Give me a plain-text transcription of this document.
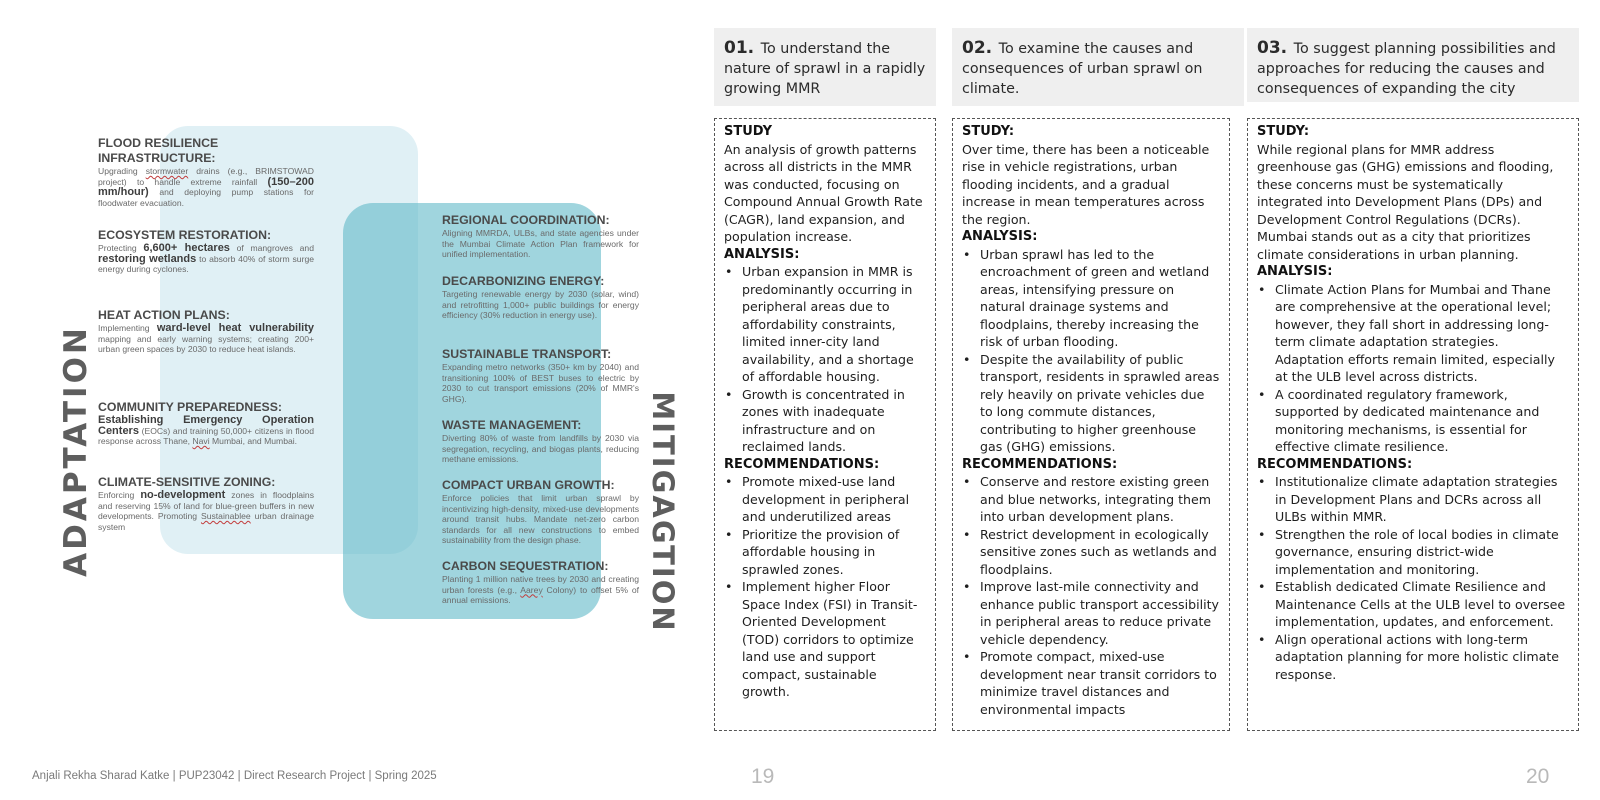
ADAPTATION	MITIGAGTION
FLOOD RESILIENCE INFRASTRUCTURE:
Upgrading stormwater drains (e.g., BRIMSTOWAD project) to handle extreme rainfall (150–200 mm/hour) and deploying pump stations for floodwater evacuation.
ECOSYSTEM RESTORATION:
Protecting 6,600+ hectares of mangroves and restoring wetlands to absorb 40% of storm surge energy during cyclones.
HEAT ACTION PLANS:
Implementing ward-level heat vulnerability mapping and early warning systems; creating 200+ urban green spaces by 2030 to reduce heat islands.
COMMUNITY PREPAREDNESS:
Establishing Emergency Operation Centers (EOCs) and training 50,000+ citizens in flood response across Thane, Navi Mumbai, and Mumbai.
CLIMATE-SENSITIVE ZONING:
Enforcing no-development zones in floodplains and reserving 15% of land for blue-green buffers in new developments. Promoting Sustainablee urban drainage system
REGIONAL COORDINATION:
Aligning MMRDA, ULBs, and state agencies under the Mumbai Climate Action Plan framework for unified implementation.
DECARBONIZING ENERGY:
Targeting renewable energy by 2030 (solar, wind) and retrofitting 1,000+ public buildings for energy efficiency (30% reduction in energy use).
SUSTAINABLE TRANSPORT:
Expanding metro networks (350+ km by 2040) and transitioning 100% of BEST buses to electric by 2030 to cut transport emissions (20% of MMR's GHG).
WASTE MANAGEMENT:
Diverting 80% of waste from landfills by 2030 via segregation, recycling, and biogas plants, reducing methane emissions.
COMPACT URBAN GROWTH:
Enforce policies that limit urban sprawl by incentivizing high-density, mixed-use developments around transit hubs. Mandate net-zero carbon standards for all new constructions to embed sustainability from the design phase.
CARBON SEQUESTRATION:
Planting 1 million native trees by 2030 and creating urban forests (e.g., Aarey Colony) to offset 5% of annual emissions.
01. To understand the nature of sprawl in a rapidly growing MMR
02. To examine the causes and consequences of urban sprawl on climate.
03. To suggest planning possibilities and approaches for reducing the causes and consequences of expanding the city
STUDY
An analysis of growth patterns across all districts in the MMR was conducted, focusing on Compound Annual Growth Rate (CAGR), land expansion, and population increase.
ANALYSIS:
• Urban expansion in MMR is predominantly occurring in peripheral areas due to affordability constraints, limited inner-city land availability, and a shortage of affordable housing.
• Growth is concentrated in zones with inadequate infrastructure and on reclaimed lands.
RECOMMENDATIONS:
• Promote mixed-use land development in peripheral and underutilized areas
• Prioritize the provision of affordable housing in sprawled zones.
• Implement higher Floor Space Index (FSI) in Transit-Oriented Development (TOD) corridors to optimize land use and support compact, sustainable growth.
STUDY:
Over time, there has been a noticeable rise in vehicle registrations, urban flooding incidents, and a gradual increase in mean temperatures across the region.
ANALYSIS:
• Urban sprawl has led to the encroachment of green and wetland areas, intensifying pressure on natural drainage systems and floodplains, thereby increasing the risk of urban flooding.
• Despite the availability of public transport, residents in sprawled areas rely heavily on private vehicles due to long commute distances, contributing to higher greenhouse gas (GHG) emissions.
RECOMMENDATIONS:
• Conserve and restore existing green and blue networks, integrating them into urban development plans.
• Restrict development in ecologically sensitive zones such as wetlands and floodplains.
• Improve last-mile connectivity and enhance public transport accessibility in peripheral areas to reduce private vehicle dependency.
• Promote compact, mixed-use development near transit corridors to minimize travel distances and environmental impacts
STUDY:
While regional plans for MMR address greenhouse gas (GHG) emissions and flooding, these concerns must be systematically integrated into Development Plans (DPs) and Development Control Regulations (DCRs). Mumbai stands out as a city that prioritizes climate considerations in urban planning.
ANALYSIS:
• Climate Action Plans for Mumbai and Thane are comprehensive at the operational level; however, they fall short in addressing long-term climate adaptation strategies. Adaptation efforts remain limited, especially at the ULB level across districts.
• A coordinated regulatory framework, supported by dedicated maintenance and monitoring mechanisms, is essential for effective climate resilience.
RECOMMENDATIONS:
• Institutionalize climate adaptation strategies in Development Plans and DCRs across all ULBs within MMR.
• Strengthen the role of local bodies in climate governance, ensuring district-wide implementation and monitoring.
• Establish dedicated Climate Resilience and Maintenance Cells at the ULB level to oversee implementation, updates, and enforcement.
• Align operational actions with long-term adaptation planning for more holistic climate response.
Anjali Rekha Sharad Katke | PUP23042 | Direct Research Project | Spring 2025	19	20
